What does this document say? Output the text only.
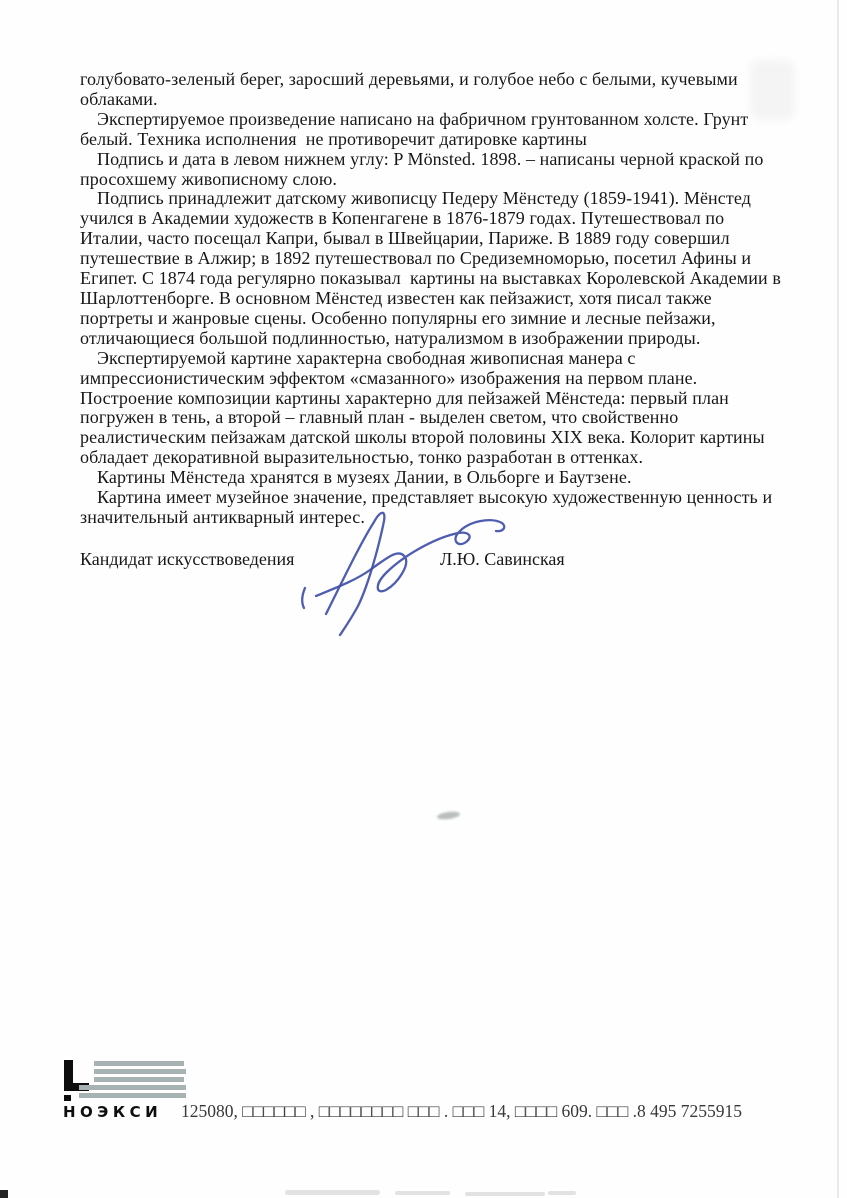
голубовато-зеленый берег, заросший деревьями, и голубое небо с белыми, кучевыми
облаками.
Экспертируемое произведение написано на фабричном грунтованном холсте. Грунт
белый. Техника исполнения  не противоречит датировке картины
Подпись и дата в левом нижнем углу: P Mönsted. 1898. – написаны черной краской по
просохшему живописному слою.
Подпись принадлежит датскому живописцу Педеру Мёнстеду (1859-1941). Мёнстед
учился в Академии художеств в Копенгагене в 1876-1879 годах. Путешествовал по
Италии, часто посещал Капри, бывал в Швейцарии, Париже. В 1889 году совершил
путешествие в Алжир; в 1892 путешествовал по Средиземноморью, посетил Афины и
Египет. С 1874 года регулярно показывал  картины на выставках Королевской Академии в
Шарлоттенборге. В основном Мёнстед известен как пейзажист, хотя писал также
портреты и жанровые сцены. Особенно популярны его зимние и лесные пейзажи,
отличающиеся большой подлинностью, натурализмом в изображении природы.
Экспертируемой картине характерна свободная живописная манера с
импрессионистическим эффектом «смазанного» изображения на первом плане.
Построение композиции картины характерно для пейзажей Мёнстеда: первый план
погружен в тень, а второй – главный план - выделен светом, что свойственно
реалистическим пейзажам датской школы второй половины XIX века. Колорит картины
обладает декоративной выразительностью, тонко разработан в оттенках.
Картины Мёнстеда хранятся в музеях Дании, в Ольборге и Баутзене.
Картина имеет музейное значение, представляет высокую художественную ценность и
значительный антикварный интерес.
Кандидат искусствоведения	Л.Ю. Савинская
НОЭКСИ 125080, □□□□□□ , □□□□□□□□ □□□ . □□□ 14, □□□□ 609. □□□ .8 495 7255915
